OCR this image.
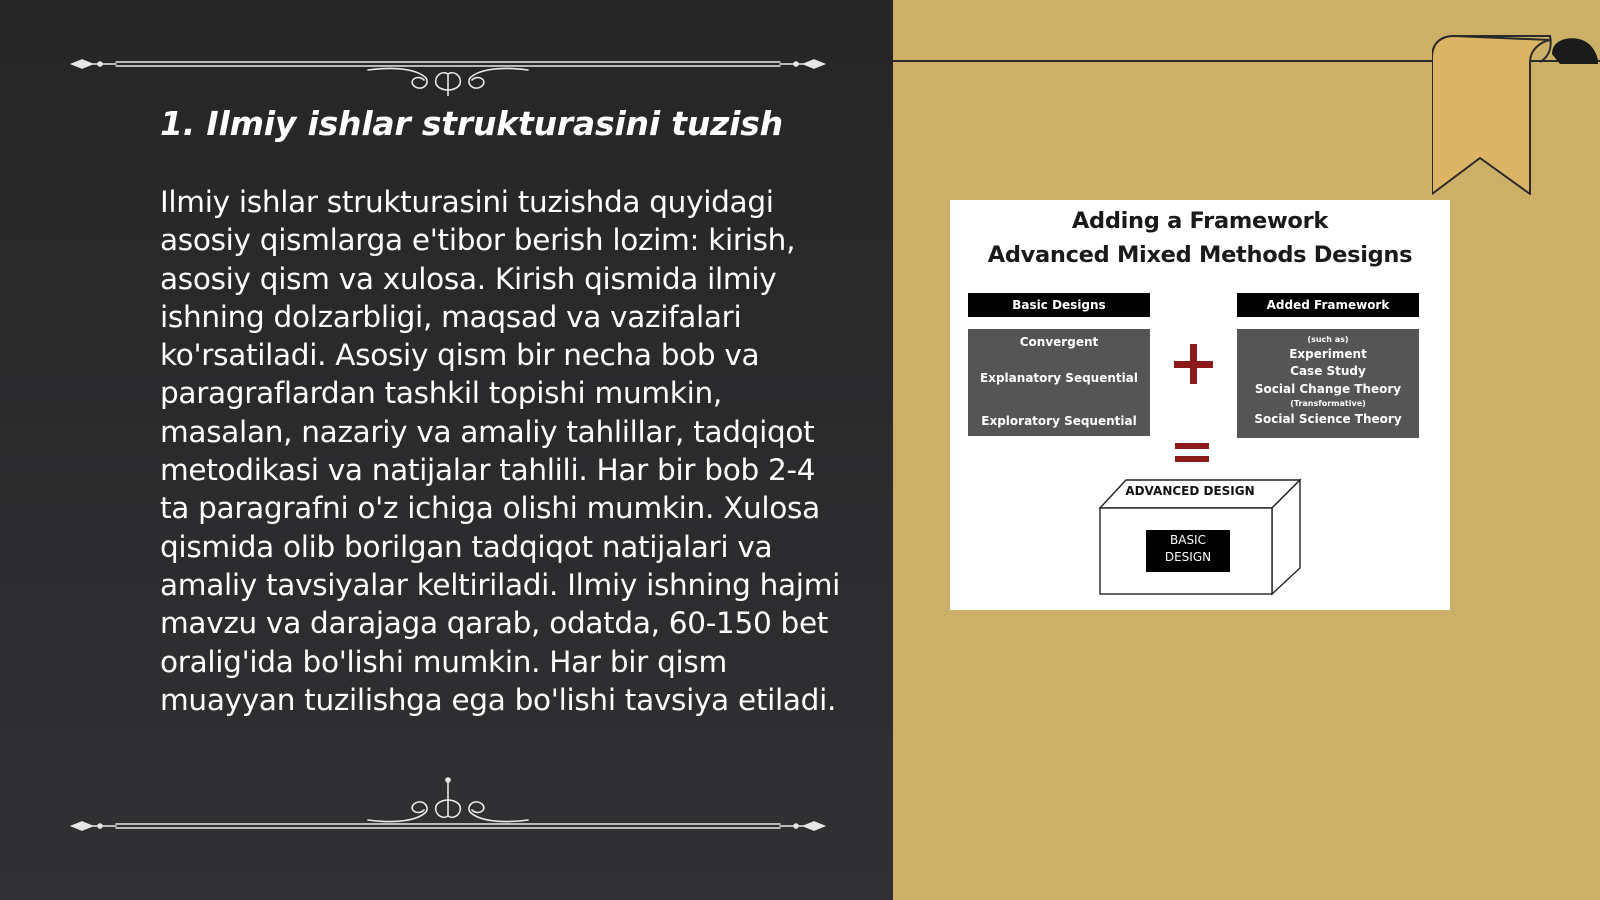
1. Ilmiy ishlar strukturasini tuzish

Ilmiy ishlar strukturasini tuzishda quyidagi asosiy qismlarga e'tibor berish lozim: kirish, asosiy qism va xulosa. Kirish qismida ilmiy ishning dolzarbligi, maqsad va vazifalari ko'rsatiladi. Asosiy qism bir necha bob va paragraflardan tashkil topishi mumkin, masalan, nazariy va amaliy tahlillar, tadqiqot metodikasi va natijalar tahlili. Har bir bob 2-4 ta paragrafni o'z ichiga olishi mumkin. Xulosa qismida olib borilgan tadqiqot natijalari va amaliy tavsiyalar keltiriladi. Ilmiy ishning hajmi mavzu va darajaga qarab, odatda, 60-150 bet oralig'ida bo'lishi mumkin. Har bir qism muayyan tuzilishga ega bo'lishi tavsiya etiladi.

Adding a Framework
Advanced Mixed Methods Designs
Basic Designs	Added Framework
Convergent
Explanatory Sequential
Exploratory Sequential
(such as)
Experiment
Case Study
Social Change Theory
(Transformative)
Social Science Theory
ADVANCED DESIGN
BASIC
DESIGN
